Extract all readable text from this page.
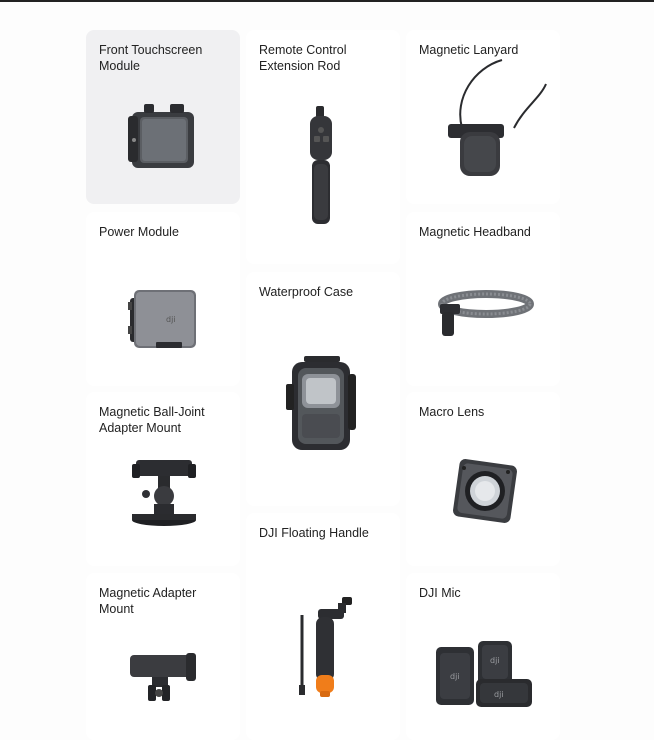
Front Touchscreen
Module

Power Module

dji

Magnetic Ball-Joint
Adapter Mount

Magnetic Adapter
Mount

Remote Control
Extension Rod

Waterproof Case

DJI Floating Handle

Magnetic Lanyard

Magnetic Headband

Macro Lens

DJI Mic

dji
dji
dji
